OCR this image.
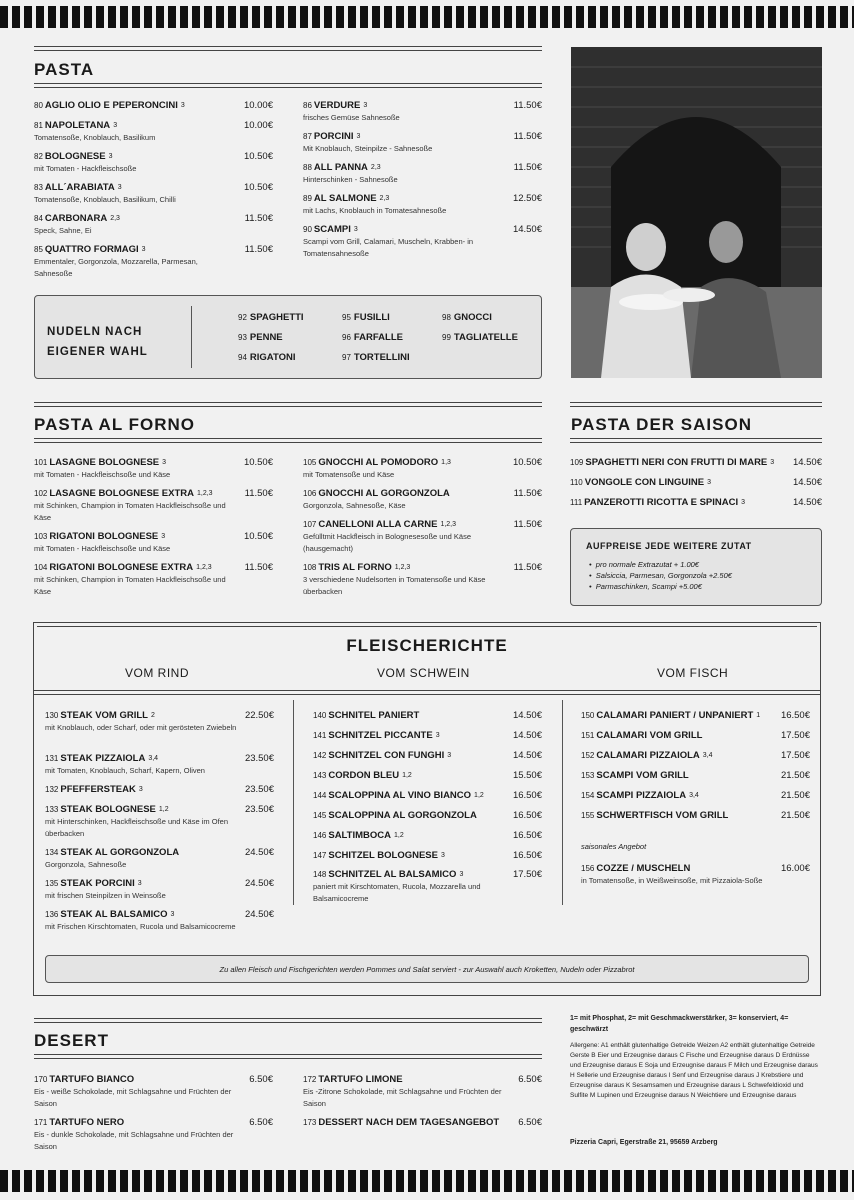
PASTA
80 AGLIO OLIO E PEPERONCINI 3	10.00€
81 NAPOLETANA 3
Tomatensoße, Knoblauch, Basilikum
10.00€
82 BOLOGNESE 3
mit Tomaten - Hackfleischsoße
10.50€
83 ALL´ARABIATA 3
Tomatensoße, Knoblauch, Basilikum, Chilli
10.50€
84 CARBONARA 2,3
Speck, Sahne, Ei
11.50€
85 QUATTRO FORMAGI 3
Emmentaler, Gorgonzola, Mozzarella, Parmesan, Sahnesoße
11.50€
86 VERDURE 3
frisches Gemüse Sahnesoße
11.50€
87 PORCINI 3
Mit Knoblauch, Steinpilze - Sahnesoße
11.50€
88 ALL PANNA 2,3
Hinterschinken - Sahnesoße
11.50€
89 AL SALMONE 2,3
mit Lachs, Knoblauch in Tomatesahnesoße
12.50€
90 SCAMPI 3
Scampi vom Grill, Calamari, Muscheln, Krabben- in Tomatensahnesoße
14.50€
NUDELN NACH
EIGENER WAHL
92 SPAGHETTI
93 PENNE
94 RIGATONI
95 FUSILLI
96 FARFALLE
97 TORTELLINI
98 GNOCCI
99 TAGLIATELLE
PASTA AL FORNO
101 LASAGNE BOLOGNESE 3
mit Tomaten - Hackfleischsoße und Käse
10.50€
102 LASAGNE BOLOGNESE EXTRA 1,2,3
mit Schinken, Champion in Tomaten Hackfleischsoße und Käse
11.50€
103 RIGATONI BOLOGNESE 3
mit Tomaten - Hackfleischsoße und Käse
10.50€
104 RIGATONI BOLOGNESE EXTRA 1,2,3
mit Schinken, Champion in Tomaten Hackfleischsoße und Käse
11.50€
105 GNOCCHI AL POMODORO 1,3
mit Tomatensoße und Käse
10.50€
106 GNOCCHI AL GORGONZOLA
Gorgonzola, Sahnesoße, Käse
11.50€
107 CANELLONI ALLA CARNE 1,2,3
Gefülltmit Hackfleisch in Bolognesesoße und Käse (hausgemacht)
11.50€
108 TRIS AL FORNO 1,2,3
3 verschiedene Nudelsorten in Tomatensoße und Käse überbacken
11.50€
PASTA DER SAISON
109 SPAGHETTI NERI CON FRUTTI DI MARE 3	14.50€
110 VONGOLE CON LINGUINE 3	14.50€
111 PANZEROTTI RICOTTA E SPINACI 3	14.50€
AUFPREISE JEDE WEITERE ZUTAT
•  pro normale Extrazutat + 1.00€
•  Salsiccia, Parmesan, Gorgonzola +2.50€
•  Parmaschinken, Scampi +5.00€
FLEISCHERICHTE
VOM RIND	VOM SCHWEIN	VOM FISCH
130 STEAK VOM GRILL 2
mit Knoblauch, oder Scharf, oder mit gerösteten Zwiebeln
22.50€
131 STEAK PIZZAIOLA 3,4
mit Tomaten, Knoblauch, Scharf, Kapern, Oliven
23.50€
132 PFEFFERSTEAK 3	23.50€
133 STEAK BOLOGNESE 1,2
mit Hinterschinken, Hackfleischsoße und Käse im Ofen überbacken
23.50€
134 STEAK AL GORGONZOLA
Gorgonzola, Sahnesoße
24.50€
135 STEAK PORCINI 3
mit frischen Steinpilzen in Weinsoße
24.50€
136 STEAK AL BALSAMICO 3
mit Frischen Kirschtomaten, Rucola und Balsamicocreme
24.50€
140 SCHNITEL PANIERT	14.50€
141 SCHNITZEL PICCANTE 3	14.50€
142 SCHNITZEL CON FUNGHI 3	14.50€
143 CORDON BLEU 1,2	15.50€
144 SCALOPPINA AL VINO BIANCO 1,2	16.50€
145 SCALOPPINA AL GORGONZOLA	16.50€
146 SALTIMBOCA 1,2	16.50€
147 SCHITZEL BOLOGNESE 3	16.50€
148 SCHNITZEL AL BALSAMICO 3
paniert mit Kirschtomaten, Rucola, Mozzarella und Balsamicocreme
17.50€
150 CALAMARI PANIERT / UNPANIERT 1	16.50€
151 CALAMARI VOM GRILL	17.50€
152 CALAMARI PIZZAIOLA 3,4	17.50€
153 SCAMPI VOM GRILL	21.50€
154 SCAMPI PIZZAIOLA 3,4	21.50€
155 SCHWERTFISCH VOM GRILL	21.50€
156 COZZE / MUSCHELN
in Tomatensoße, in Weißweinsoße, mit Pizzaiola-Soße
16.00€
saisonales Angebot
Zu allen Fleisch und Fischgerichten werden Pommes und Salat serviert - zur Auswahl auch Kroketten, Nudeln oder Pizzabrot
DESERT
170 TARTUFO BIANCO
Eis - weiße Schokolade, mit Schlagsahne und Früchten der Saison
6.50€
171 TARTUFO NERO
Eis - dunkle Schokolade, mit Schlagsahne und Früchten der Saison
6.50€
172 TARTUFO LIMONE
Eis -Zitrone Schokolade, mit Schlagsahne und Früchten der Saison
6.50€
173 DESSERT NACH DEM TAGESANGEBOT	6.50€
1= mit Phosphat, 2= mit Geschmackwerstärker, 3= konserviert, 4= geschwärzt
Allergene: A1 enthält glutenhaltige Getreide Weizen A2 enthält glutenhaltige Getreide Gerste B Eier und Erzeugnise daraus C Fische und Erzeugnise daraus D Erdnüsse und Erzeugnise daraus E Soja und Erzeugnise daraus F Milch und Erzeugnise daraus H Sellerie und Erzeugnise daraus I Senf und Erzeugnise daraus J Krebstiere und Erzeugnise daraus K Sesamsamen und Erzeugnise daraus L Schwefeldioxid und Sulfite M Lupinen und Erzeugnise daraus N Weichtiere und Erzeugnise daraus
Pizzeria Capri, Egerstraße 21, 95659 Arzberg
